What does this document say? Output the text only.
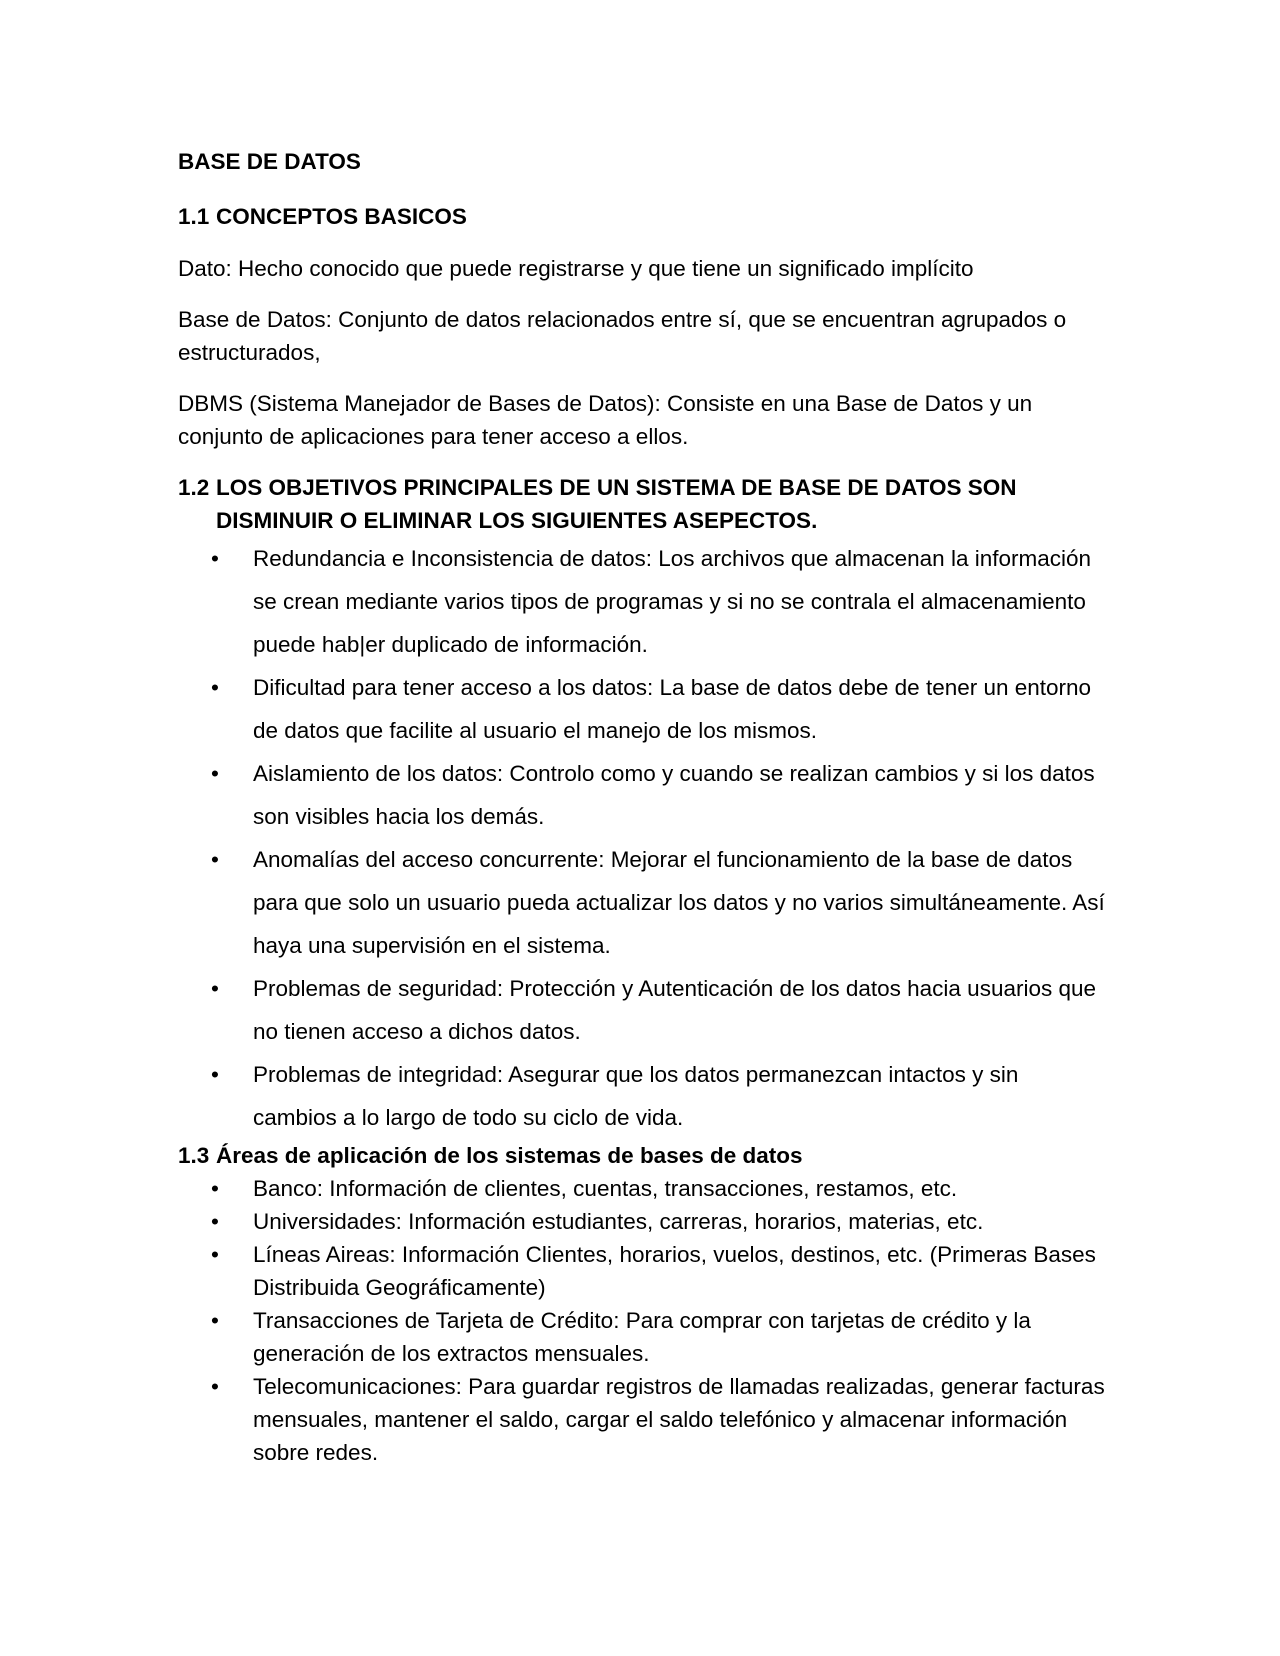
BASE DE DATOS
1.1 CONCEPTOS BASICOS
Dato: Hecho conocido que puede registrarse y que tiene un significado implícito
Base de Datos: Conjunto de datos relacionados entre sí, que se encuentran agrupados o estructurados,
DBMS (Sistema Manejador de Bases de Datos): Consiste en una Base de Datos y un conjunto de aplicaciones para tener acceso a ellos.
1.2 LOS OBJETIVOS PRINCIPALES DE UN SISTEMA DE BASE DE DATOS SON DISMINUIR O ELIMINAR LOS SIGUIENTES ASEPECTOS.
• Redundancia e Inconsistencia de datos: Los archivos que almacenan la información se crean mediante varios tipos de programas y si no se contrala el almacenamiento puede hab|er duplicado de información.
• Dificultad para tener acceso a los datos: La base de datos debe de tener un entorno de datos que facilite al usuario el manejo de los mismos.
• Aislamiento de los datos: Controlo como y cuando se realizan cambios y si los datos son visibles hacia los demás.
• Anomalías del acceso concurrente: Mejorar el funcionamiento de la base de datos para que solo un usuario pueda actualizar los datos y no varios simultáneamente. Así haya una supervisión en el sistema.
• Problemas de seguridad: Protección y Autenticación de los datos hacia usuarios que no tienen acceso a dichos datos.
• Problemas de integridad: Asegurar que los datos permanezcan intactos y sin cambios a lo largo de todo su ciclo de vida.
1.3 Áreas de aplicación de los sistemas de bases de datos
• Banco: Información de clientes, cuentas, transacciones, restamos, etc.
• Universidades: Información estudiantes, carreras, horarios, materias, etc.
• Líneas Aireas: Información Clientes, horarios, vuelos, destinos, etc. (Primeras Bases Distribuida Geográficamente)
• Transacciones de Tarjeta de Crédito: Para comprar con tarjetas de crédito y la generación de los extractos mensuales.
• Telecomunicaciones: Para guardar registros de llamadas realizadas, generar facturas mensuales, mantener el saldo, cargar el saldo telefónico y almacenar información sobre redes.
